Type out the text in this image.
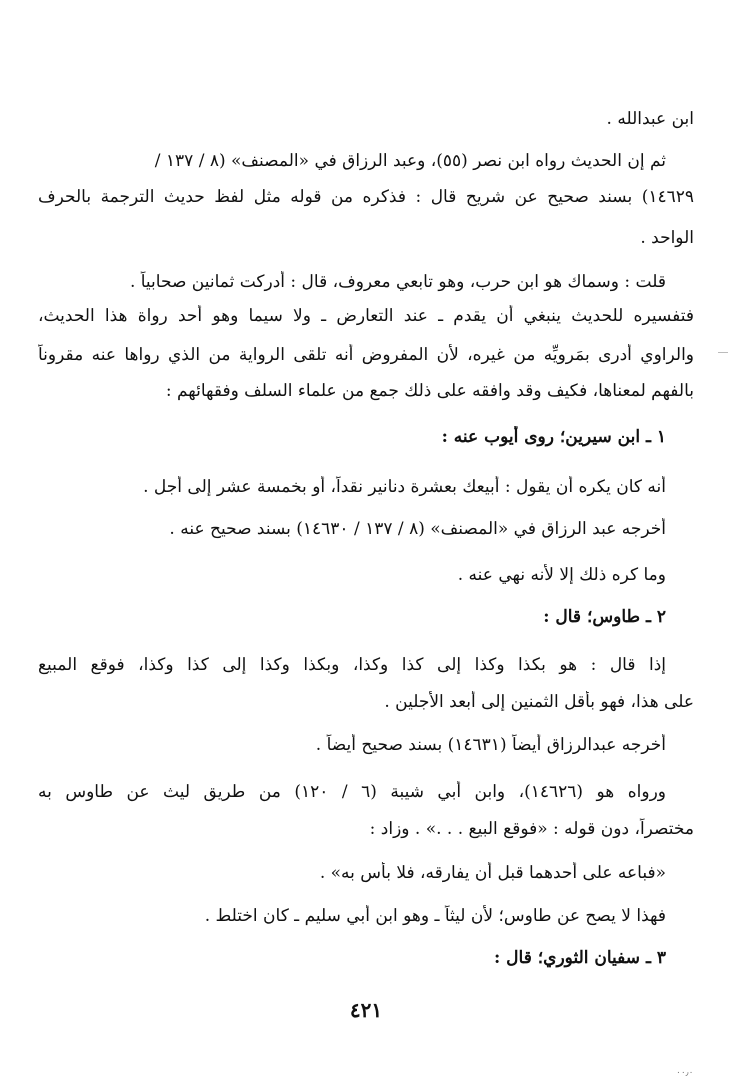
ابن عبدالله .
ثم إن الحديث رواه ابن نصر (٥٥)، وعبد الرزاق في «المصنف» (٨ / ١٣٧ /
١٤٦٢٩) بسند صحيح عن شريح قال : فذكره من قوله مثل لفظ حديث الترجمة بالحرف
الواحد .
قلت : وسماك هو ابن حرب، وهو تابعي معروف، قال : أدركت ثمانين صحابياً .
فتفسيره للحديث ينبغي أن يقدم ـ عند التعارض ـ ولا سيما وهو أحد رواة هذا الحديث،
والراوي أدرى بمَرويِّه من غيره، لأن المفروض أنه تلقى الرواية من الذي رواها عنه مقروناً
بالفهم لمعناها، فكيف وقد وافقه على ذلك جمع من علماء السلف وفقهائهم :
١ ـ ابن سيرين؛ روى أيوب عنه :
أنه كان يكره أن يقول : أبيعك بعشرة دنانير نقداً، أو بخمسة عشر إلى أجل .
أخرجه عبد الرزاق في «المصنف» (٨ / ١٣٧ / ١٤٦٣٠) بسند صحيح عنه .
وما كره ذلك إلا لأنه نهي عنه .
٢ ـ طاوس؛ قال :
إذا قال : هو بكذا وكذا إلى كذا وكذا، وبكذا وكذا إلى كذا وكذا، فوقع المبيع
على هذا، فهو بأقل الثمنين إلى أبعد الأجلين .
أخرجه عبدالرزاق أيضاً (١٤٦٣١) بسند صحيح أيضاً .
ورواه هو (١٤٦٢٦)، وابن أبي شيبة (٦ / ١٢٠) من طريق ليث عن طاوس به
مختصراً، دون قوله : «فوقع البيع . . .» . وزاد :
«فباعه على أحدهما قبل أن يفارقه، فلا بأس به» .
فهذا لا يصح عن طاوس؛ لأن ليثاً ـ وهو ابن أبي سليم ـ كان اختلط .
٣ ـ سفيان الثوري؛ قال :
٤٢١
۰۰٫۰
